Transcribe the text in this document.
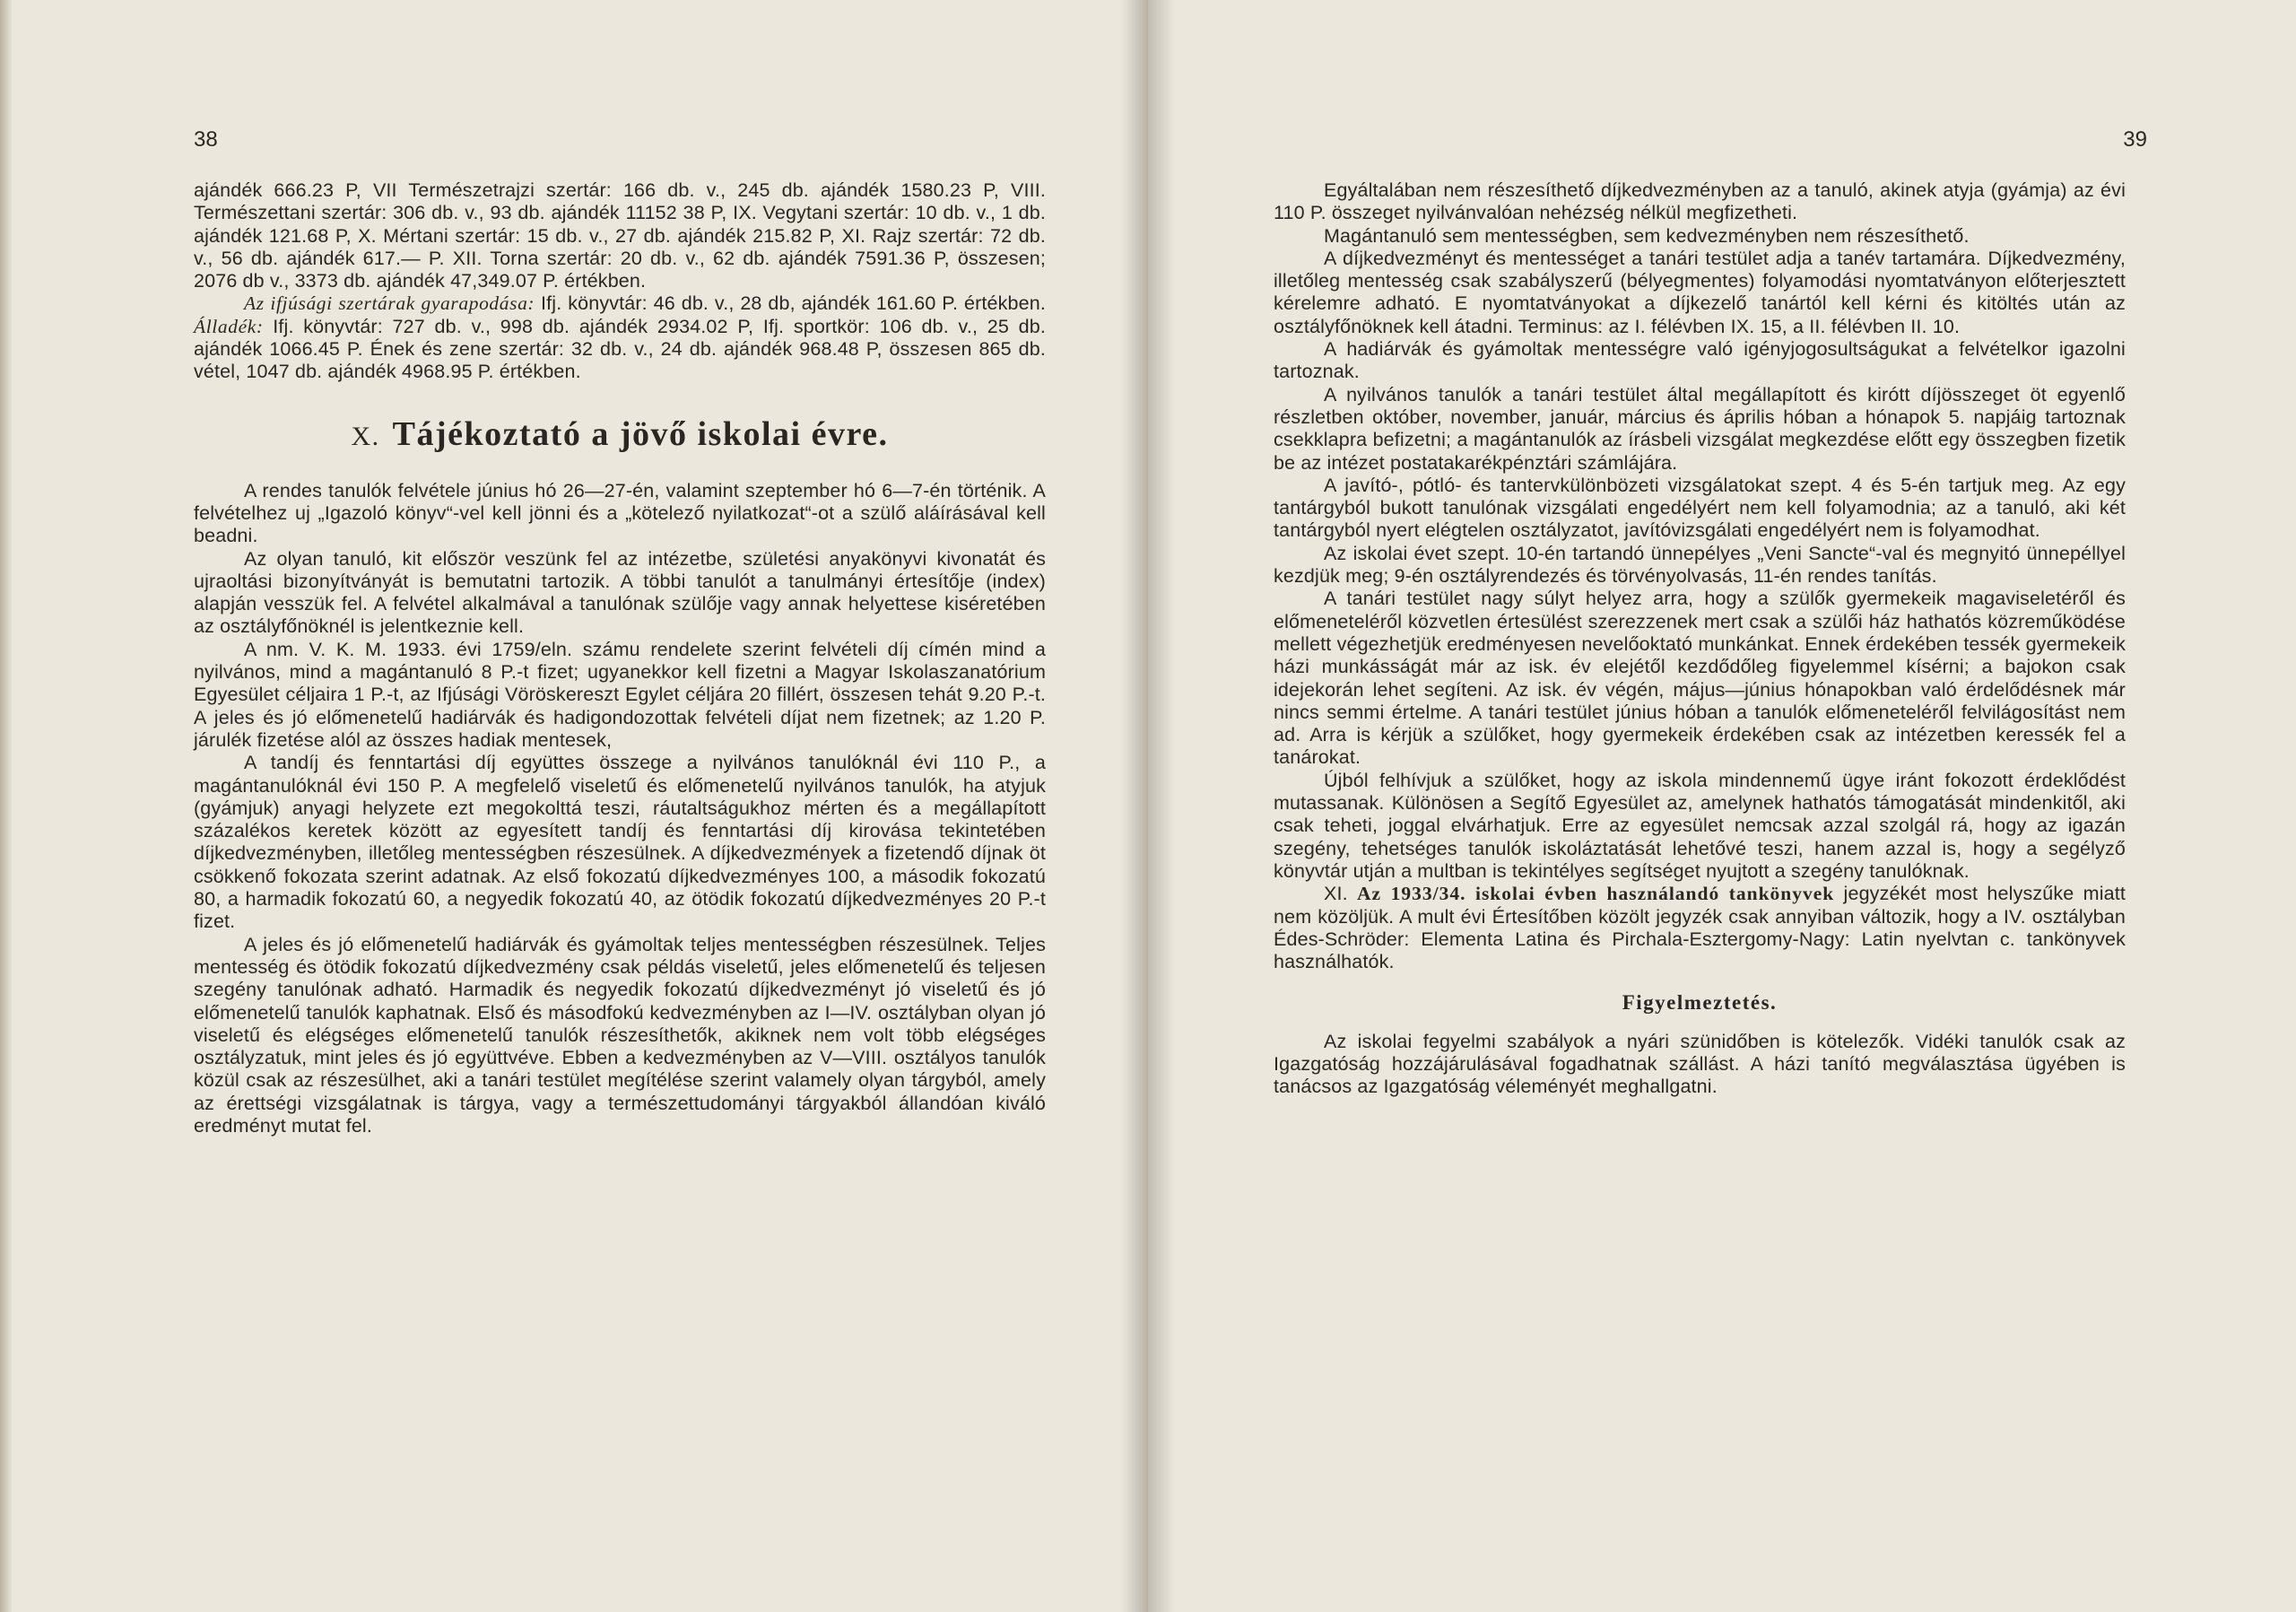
38

ajándék 666.23 P, VII Természetrajzi szertár: 166 db. v., 245 db. ajándék 1580.23 P, VIII. Természettani szertár: 306 db. v., 93 db. ajándék 11152 38 P, IX. Vegytani szertár: 10 db. v., 1 db. ajándék 121.68 P, X. Mértani szertár: 15 db. v., 27 db. ajándék 215.82 P, XI. Rajz szertár: 72 db. v., 56 db. ajándék 617.— P. XII. Torna szertár: 20 db. v., 62 db. ajándék 7591.36 P, összesen; 2076 db v., 3373 db. ajándék 47,349.07 P. értékben.

Az ifjúsági szertárak gyarapodása: Ifj. könyvtár: 46 db. v., 28 db, ajándék 161.60 P. értékben. Álladék: Ifj. könyvtár: 727 db. v., 998 db. ajándék 2934.02 P, Ifj. sportkör: 106 db. v., 25 db. ajándék 1066.45 P. Ének és zene szertár: 32 db. v., 24 db. ajándék 968.48 P, összesen 865 db. vétel, 1047 db. ajándék 4968.95 P. értékben.

X. Tájékoztató a jövő iskolai évre.

A rendes tanulók felvétele június hó 26—27-én, valamint szeptember hó 6—7-én történik. A felvételhez uj „Igazoló könyv“-vel kell jönni és a „kötelező nyilatkozat“-ot a szülő aláírásával kell beadni.

Az olyan tanuló, kit először veszünk fel az intézetbe, születési anyakönyvi kivonatát és ujraoltási bizonyítványát is bemutatni tartozik. A többi tanulót a tanulmányi értesítője (index) alapján vesszük fel. A felvétel alkalmával a tanulónak szülője vagy annak helyettese kiséretében az osztályfőnöknél is jelentkeznie kell.

A nm. V. K. M. 1933. évi 1759/eln. számu rendelete szerint felvételi díj címén mind a nyilvános, mind a magántanuló 8 P.-t fizet; ugyanekkor kell fizetni a Magyar Iskolaszanatórium Egyesület céljaira 1 P.-t, az Ifjúsági Vöröskereszt Egylet céljára 20 fillért, összesen tehát 9.20 P.-t. A jeles és jó előmenetelű hadiárvák és hadigondozottak felvételi díjat nem fizetnek; az 1.20 P. járulék fizetése alól az összes hadiak mentesek,

A tandíj és fenntartási díj együttes összege a nyilvános tanulóknál évi 110 P., a magántanulóknál évi 150 P. A megfelelő viseletű és előmenetelű nyilvános tanulók, ha atyjuk (gyámjuk) anyagi helyzete ezt megokolttá teszi, ráutaltságukhoz mérten és a megállapított százalékos keretek között az egyesített tandíj és fenntartási díj kirovása tekintetében díjkedvezményben, illetőleg mentességben részesülnek. A díjkedvezmények a fizetendő díjnak öt csökkenő fokozata szerint adatnak. Az első fokozatú díjkedvezményes 100, a második fokozatú 80, a harmadik fokozatú 60, a negyedik fokozatú 40, az ötödik fokozatú díjkedvezményes 20 P.-t fizet.

A jeles és jó előmenetelű hadiárvák és gyámoltak teljes mentességben részesülnek. Teljes mentesség és ötödik fokozatú díjkedvezmény csak példás viseletű, jeles előmenetelű és teljesen szegény tanulónak adható. Harmadik és negyedik fokozatú díjkedvezményt jó viseletű és jó előmenetelű tanulók kaphatnak. Első és másodfokú kedvezményben az I—IV. osztályban olyan jó viseletű és elégséges előmenetelű tanulók részesíthetők, akiknek nem volt több elégséges osztályzatuk, mint jeles és jó együttvéve. Ebben a kedvezményben az V—VIII. osztályos tanulók közül csak az részesülhet, aki a tanári testület megítélése szerint valamely olyan tárgyból, amely az érettségi vizsgálatnak is tárgya, vagy a természettudományi tárgyakból állandóan kiváló eredményt mutat fel.

39

Egyáltalában nem részesíthető díjkedvezményben az a tanuló, akinek atyja (gyámja) az évi 110 P. összeget nyilvánvalóan nehézség nélkül megfizetheti.

Magántanuló sem mentességben, sem kedvezményben nem részesíthető.

A díjkedvezményt és mentességet a tanári testület adja a tanév tartamára. Díjkedvezmény, illetőleg mentesség csak szabályszerű (bélyegmentes) folyamodási nyomtatványon előterjesztett kérelemre adható. E nyomtatványokat a díjkezelő tanártól kell kérni és kitöltés után az osztályfőnöknek kell átadni. Terminus: az I. félévben IX. 15, a II. félévben II. 10.

A hadiárvák és gyámoltak mentességre való igényjogosultságukat a felvételkor igazolni tartoznak.

A nyilvános tanulók a tanári testület által megállapított és kirótt díjösszeget öt egyenlő részletben október, november, január, március és április hóban a hónapok 5. napjáig tartoznak csekklapra befizetni; a magántanulók az írásbeli vizsgálat megkezdése előtt egy összegben fizetik be az intézet postatakarékpénztári számlájára.

A javító-, pótló- és tantervkülönbözeti vizsgálatokat szept. 4 és 5-én tartjuk meg. Az egy tantárgyból bukott tanulónak vizsgálati engedélyért nem kell folyamodnia; az a tanuló, aki két tantárgyból nyert elégtelen osztályzatot, javítóvizsgálati engedélyért nem is folyamodhat.

Az iskolai évet szept. 10-én tartandó ünnepélyes „Veni Sancte“-val és megnyitó ünnepéllyel kezdjük meg; 9-én osztályrendezés és törvényolvasás, 11-én rendes tanítás.

A tanári testület nagy súlyt helyez arra, hogy a szülők gyermekeik magaviseletéről és előmeneteléről közvetlen értesülést szerezzenek mert csak a szülői ház hathatós közreműködése mellett végezhetjük eredményesen nevelőoktató munkánkat. Ennek érdekében tessék gyermekeik házi munkásságát már az isk. év elejétől kezdődőleg figyelemmel kísérni; a bajokon csak idejekorán lehet segíteni. Az isk. év végén, május—június hónapokban való érdelődésnek már nincs semmi értelme. A tanári testület június hóban a tanulók előmeneteléről felvilágosítást nem ad. Arra is kérjük a szülőket, hogy gyermekeik érdekében csak az intézetben keressék fel a tanárokat.

Újból felhívjuk a szülőket, hogy az iskola mindennemű ügye iránt fokozott érdeklődést mutassanak. Különösen a Segítő Egyesület az, amelynek hathatós támogatását mindenkitől, aki csak teheti, joggal elvárhatjuk. Erre az egyesület nemcsak azzal szolgál rá, hogy az igazán szegény, tehetséges tanulók iskoláztatását lehetővé teszi, hanem azzal is, hogy a segélyző könyvtár utján a multban is tekintélyes segítséget nyujtott a szegény tanulóknak.

XI. Az 1933/34. iskolai évben használandó tankönyvek jegyzékét most helyszűke miatt nem közöljük. A mult évi Értesítőben közölt jegyzék csak annyiban változik, hogy a IV. osztályban Édes-Schröder: Elementa Latina és Pirchala-Esztergomy-Nagy: Latin nyelvtan c. tankönyvek használhatók.

Figyelmeztetés.

Az iskolai fegyelmi szabályok a nyári szünidőben is kötelezők. Vidéki tanulók csak az Igazgatóság hozzájárulásával fogadhatnak szállást. A házi tanító megválasztása ügyében is tanácsos az Igazgatóság véleményét meghallgatni.
